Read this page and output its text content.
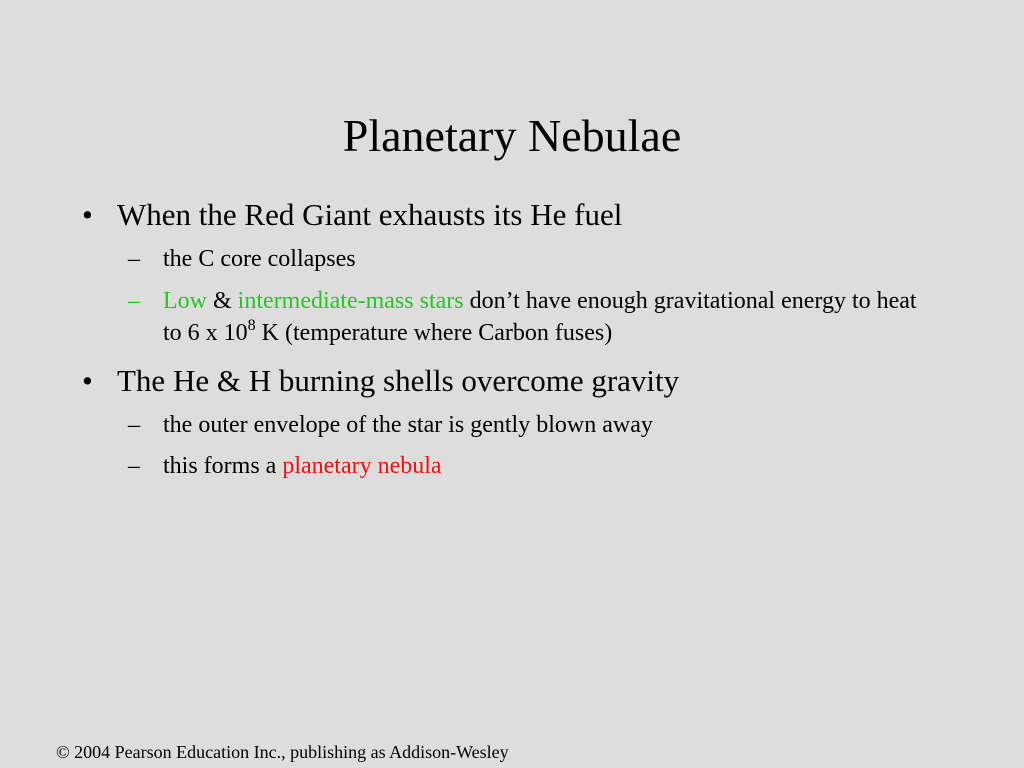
Planetary Nebulae
• When the Red Giant exhausts its He fuel
– the C core collapses
– Low & intermediate-mass stars don’t have enough gravitational energy to heat to 6 x $10^8$ K (temperature where Carbon fuses)
• The He & H burning shells overcome gravity
– the outer envelope of the star is gently blown away
– this forms a planetary nebula
© 2004 Pearson Education Inc., publishing as Addison-Wesley
